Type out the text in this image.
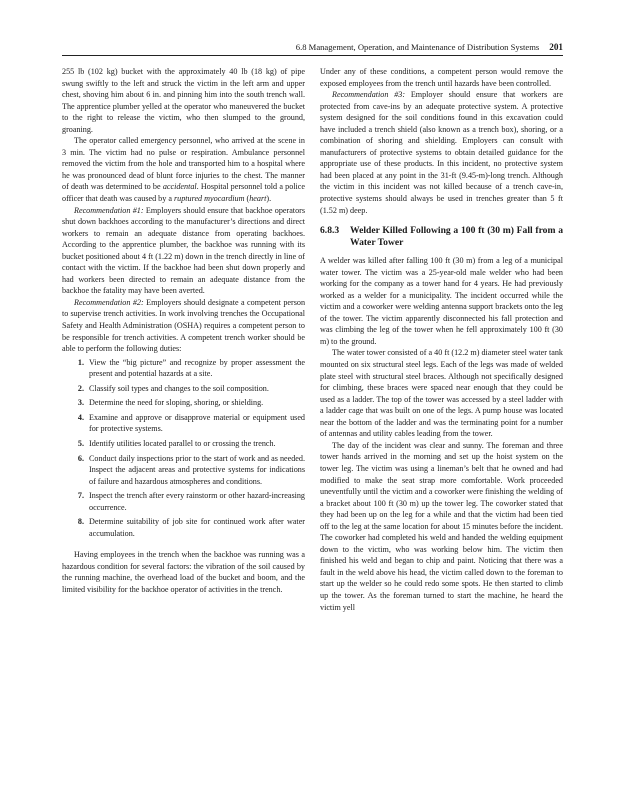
6.8 Management, Operation, and Maintenance of Distribution Systems 201

255 lb (102 kg) bucket with the approximately 40 lb (18 kg) of pipe swung swiftly to the left and struck the victim in the left arm and upper chest, shoving him about 6 in. and pinning him into the south trench wall. The apprentice plumber yelled at the operator who maneuvered the bucket to the right to release the victim, who then slumped to the ground, groaning.

The operator called emergency personnel, who arrived at the scene in 3 min. The victim had no pulse or respiration. Ambulance personnel removed the victim from the hole and transported him to a hospital where he was pronounced dead of blunt force injuries to the chest. The manner of death was determined to be accidental. Hospital personnel told a police officer that death was caused by a ruptured myocardium (heart).

Recommendation #1: Employers should ensure that backhoe operators shut down backhoes according to the manufacturer’s directions and direct workers to remain an adequate distance from operating backhoes. According to the apprentice plumber, the backhoe was running with its bucket positioned about 4 ft (1.22 m) down in the trench directly in line of contact with the victim. If the backhoe had been shut down properly and had workers been directed to remain an adequate distance from the backhoe the fatality may have been averted.

Recommendation #2: Employers should designate a competent person to supervise trench activities. In work involving trenches the Occupational Safety and Health Administration (OSHA) requires a competent person to be responsible for trench activities. A competent trench worker should be able to perform the following duties:

1. View the “big picture” and recognize by proper assessment the present and potential hazards at a site.
2. Classify soil types and changes to the soil composition.
3. Determine the need for sloping, shoring, or shielding.
4. Examine and approve or disapprove material or equipment used for protective systems.
5. Identify utilities located parallel to or crossing the trench.
6. Conduct daily inspections prior to the start of work and as needed. Inspect the adjacent areas and protective systems for indications of failure and hazardous atmospheres and conditions.
7. Inspect the trench after every rainstorm or other hazard-increasing occurrence.
8. Determine suitability of job site for continued work after water accumulation.

Having employees in the trench when the backhoe was running was a hazardous condition for several factors: the vibration of the soil caused by the running machine, the overhead load of the bucket and boom, and the limited visibility for the backhoe operator of activities in the trench.

Under any of these conditions, a competent person would remove the exposed employees from the trench until hazards have been controlled.

Recommendation #3: Employer should ensure that workers are protected from cave-ins by an adequate protective system. A protective system designed for the soil conditions found in this excavation could have included a trench shield (also known as a trench box), shoring, or a combination of shoring and shielding. Employers can consult with manufacturers of protective systems to obtain detailed guidance for the appropriate use of these products. In this incident, no protective system had been placed at any point in the 31-ft (9.45-m)-long trench. Although the victim in this incident was not killed because of a trench cave-in, protective systems should always be used in trenches greater than 5 ft (1.52 m) deep.

6.8.3	Welder Killed Following a 100 ft (30 m) Fall from a Water Tower

A welder was killed after falling 100 ft (30 m) from a leg of a municipal water tower. The victim was a 25-year-old male welder who had been working for the company as a tower hand for 4 years. He had previously worked as a welder for a municipality. The incident occurred while the victim and a coworker were welding antenna support brackets onto the leg of the tower. The victim apparently disconnected his fall protection and was climbing the leg of the tower when he fell approximately 100 ft (30 m) to the ground.

The water tower consisted of a 40 ft (12.2 m) diameter steel water tank mounted on six structural steel legs. Each of the legs was made of welded plate steel with structural steel braces. Although not specifically designed for climbing, these braces were spaced near enough that they could be used as a ladder. The top of the tower was accessed by a steel ladder with a ladder cage that was built on one of the legs. A pump house was located near the bottom of the ladder and was the terminating point for a number of antennas and utility cables leading from the tower.

The day of the incident was clear and sunny. The foreman and three tower hands arrived in the morning and set up the hoist system on the tower leg. The victim was using a lineman’s belt that he owned and had modified to make the seat strap more comfortable. Work proceeded uneventfully until the victim and a coworker were finishing the welding of a bracket about 100 ft (30 m) up the tower leg. The coworker stated that they had been up on the leg for a while and that the victim had been tied off to the leg at the same location for about 15 minutes before the incident. The coworker had completed his weld and handed the welding equipment down to the victim, who was working below him. The victim then finished his weld and began to chip and paint. Noticing that there was a fault in the weld above his head, the victim called down to the foreman to start up the welder so he could redo some spots. He then started to climb up the tower. As the foreman turned to start the machine, he heard the victim yell
